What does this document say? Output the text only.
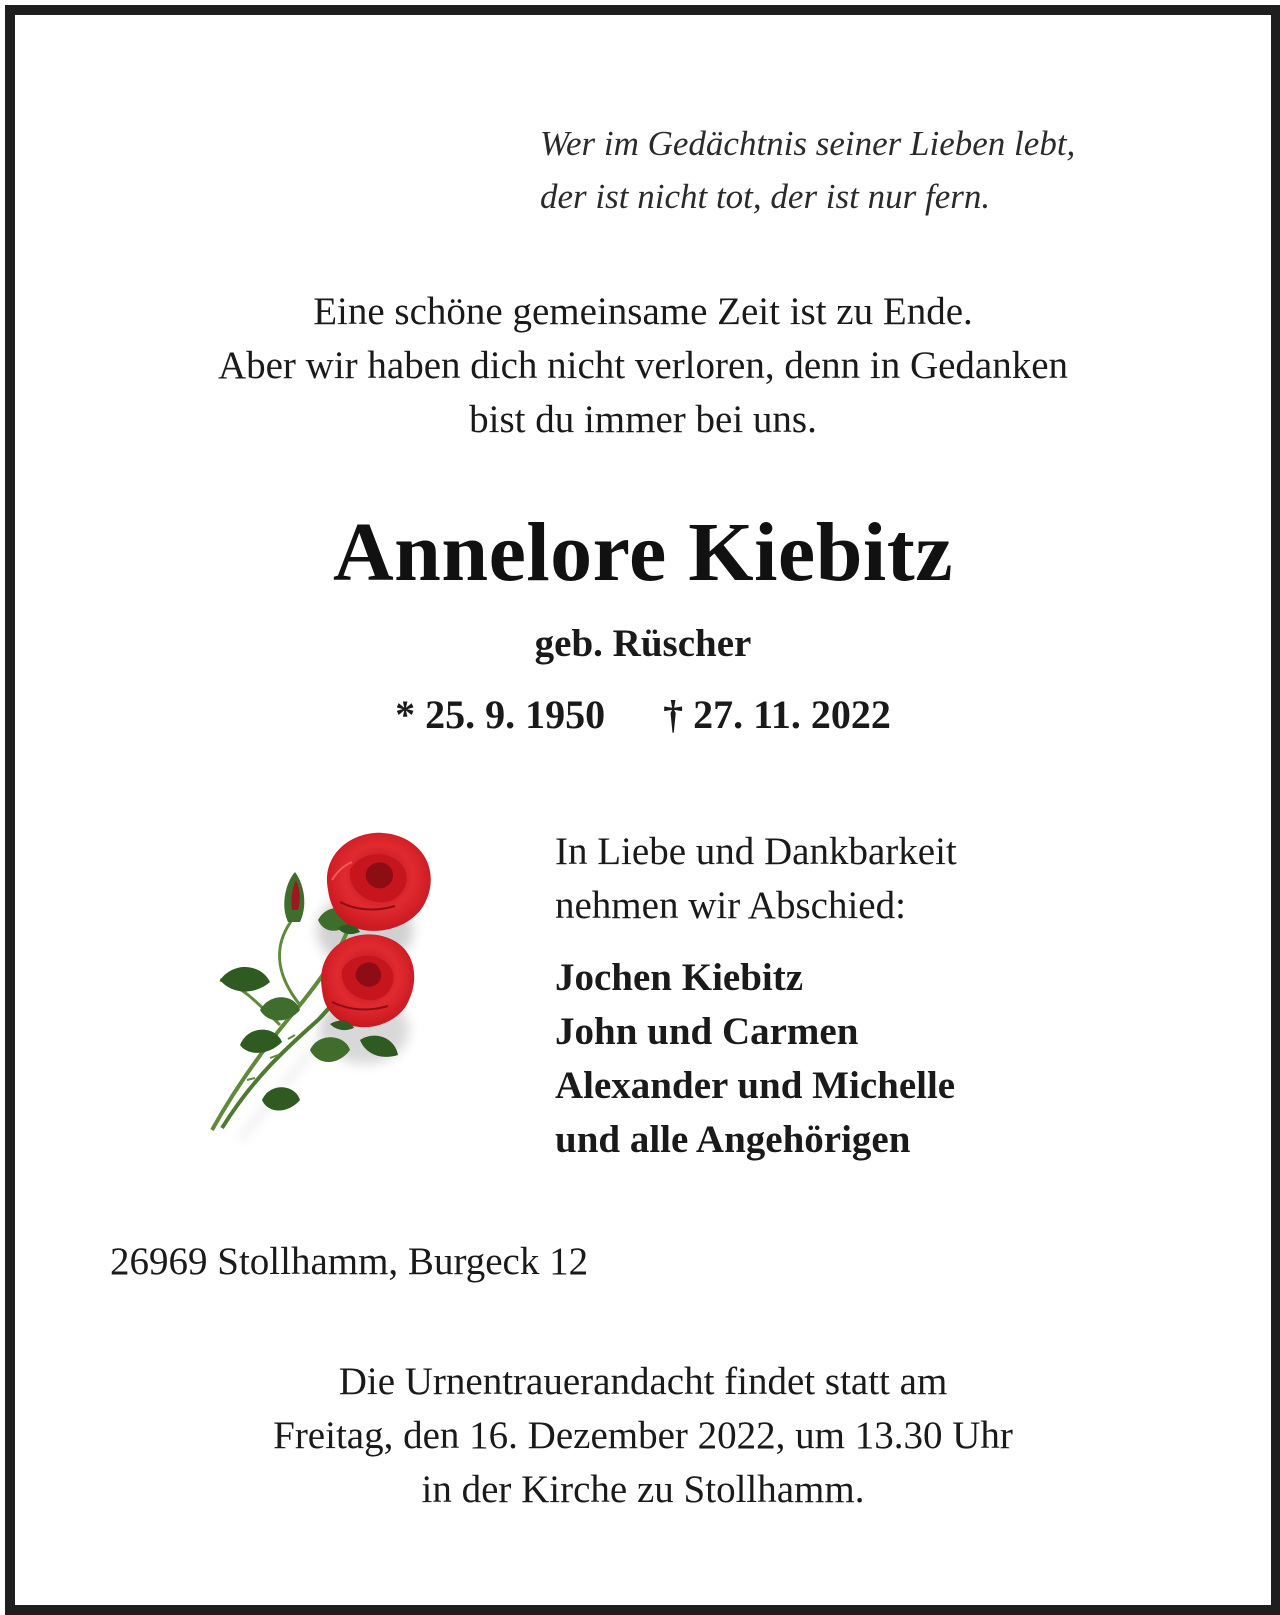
Wer im Gedächtnis seiner Lieben lebt,
der ist nicht tot, der ist nur fern.
Eine schöne gemeinsame Zeit ist zu Ende.
Aber wir haben dich nicht verloren, denn in Gedanken
bist du immer bei uns.
Annelore Kiebitz
geb. Rüscher
* 25. 9. 1950 † 27. 11. 2022
In Liebe und Dankbarkeit
nehmen wir Abschied:
Jochen Kiebitz
John und Carmen
Alexander und Michelle
und alle Angehörigen
26969 Stollhamm, Burgeck 12
Die Urnentrauerandacht findet statt am
Freitag, den 16. Dezember 2022, um 13.30 Uhr
in der Kirche zu Stollhamm.
